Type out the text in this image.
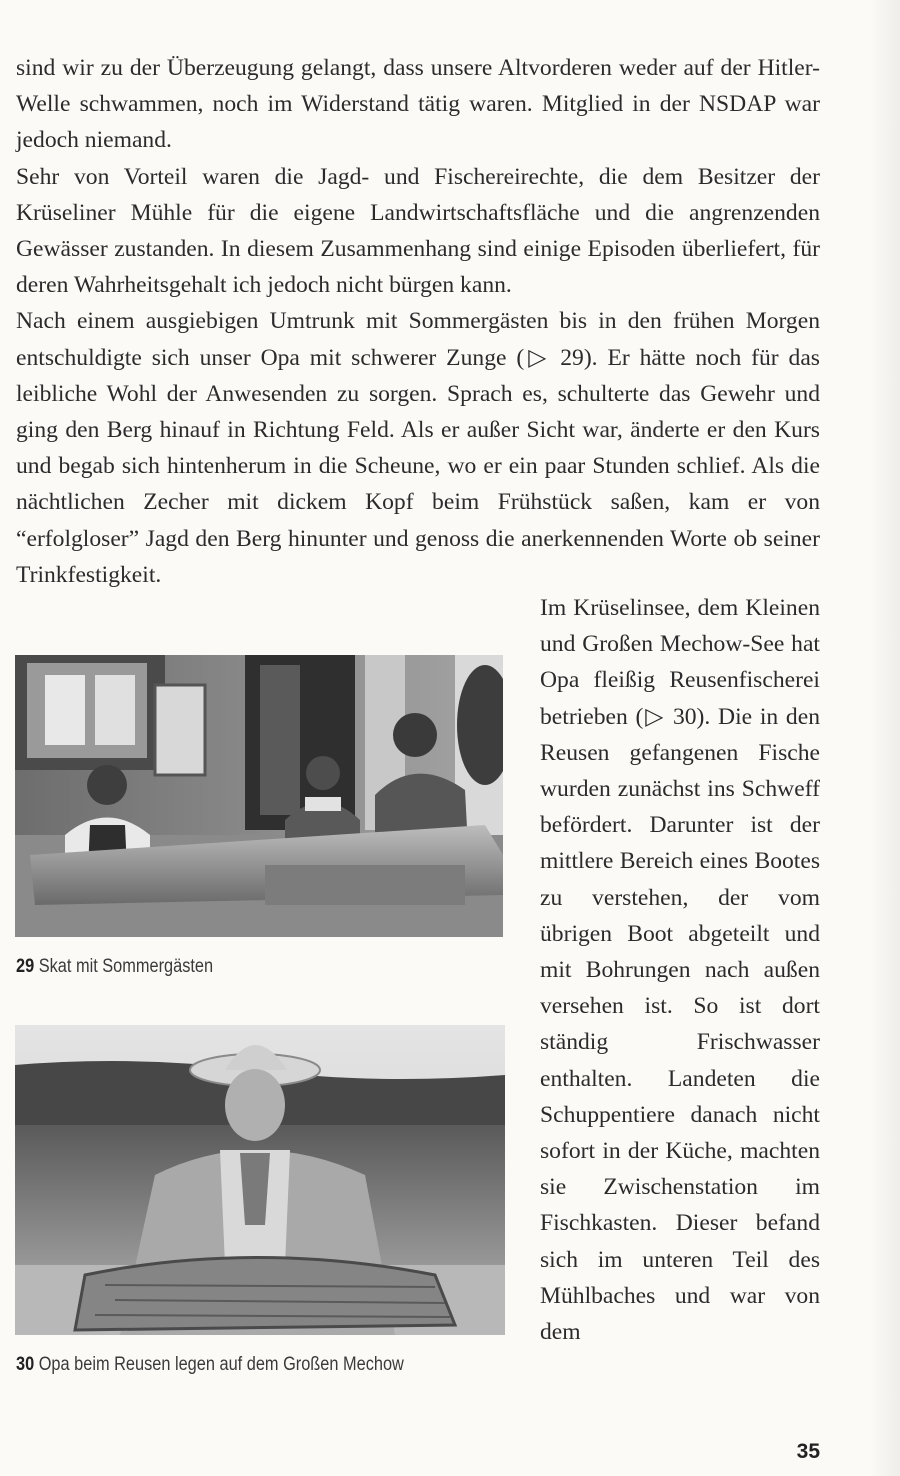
sind wir zu der Überzeugung gelangt, dass unsere Altvorderen weder auf der Hitler-Welle schwammen, noch im Widerstand tätig waren. Mitglied in der NSDAP war jedoch niemand.

Sehr von Vorteil waren die Jagd- und Fischereirechte, die dem Besitzer der Krüseliner Mühle für die eigene Landwirtschaftsfläche und die angrenzenden Gewässer zustanden. In diesem Zusammenhang sind einige Episoden überliefert, für deren Wahrheitsgehalt ich jedoch nicht bürgen kann.

Nach einem ausgiebigen Umtrunk mit Sommergästen bis in den frühen Morgen entschuldigte sich unser Opa mit schwerer Zunge (▷ 29). Er hätte noch für das leibliche Wohl der Anwesenden zu sorgen. Sprach es, schulterte das Gewehr und ging den Berg hinauf in Richtung Feld. Als er außer Sicht war, änderte er den Kurs und begab sich hintenherum in die Scheune, wo er ein paar Stunden schlief. Als die nächtlichen Zecher mit dickem Kopf beim Frühstück saßen, kam er von “erfolgloser” Jagd den Berg hinunter und genoss die anerkennenden Worte ob seiner Trinkfestigkeit.

Im Krüselinsee, dem Kleinen und Großen Mechow-See hat Opa fleißig Reusenfischerei betrieben (▷ 30). Die in den Reusen gefangenen Fische wurden zunächst ins Schweff befördert. Darunter ist der mittlere Bereich eines Bootes zu verstehen, der vom übrigen Boot abgeteilt und mit Bohrungen nach außen versehen ist. So ist dort ständig Frischwasser enthalten. Landeten die Schuppentiere danach nicht sofort in der Küche, machten sie Zwischenstation im Fischkasten. Dieser befand sich im unteren Teil des Mühlbaches und war von dem

29 Skat mit Sommergästen
30 Opa beim Reusen legen auf dem Großen Mechow
35
